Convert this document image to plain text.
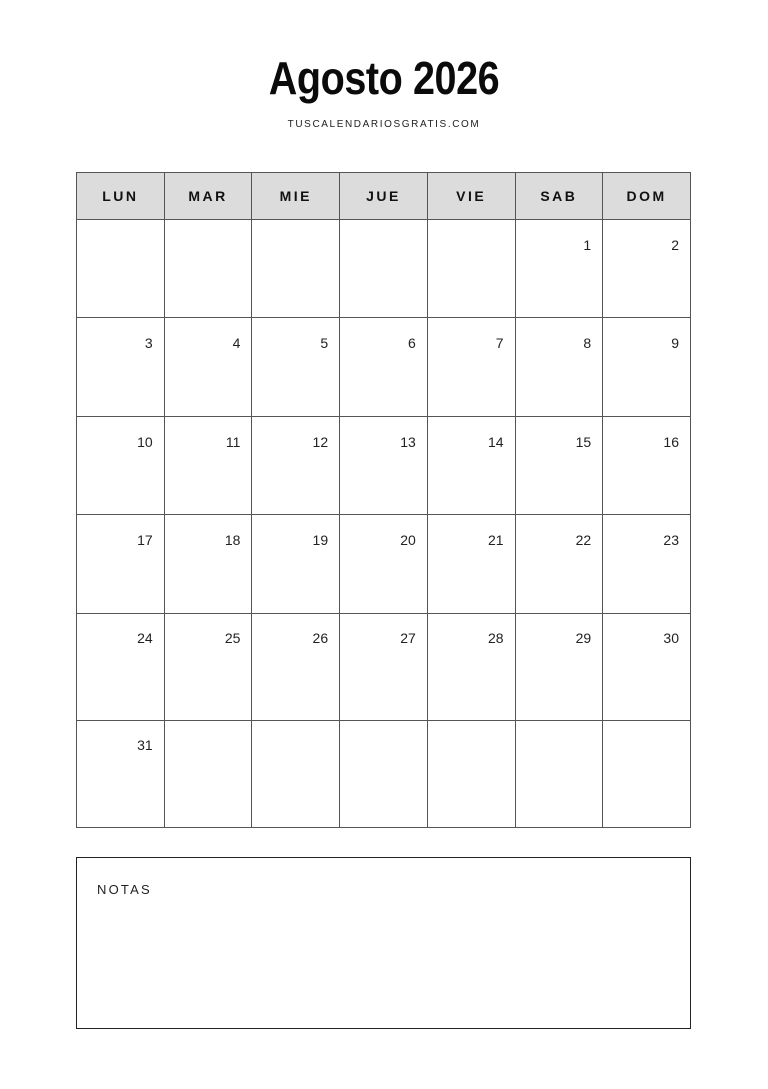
Agosto 2026
TUSCALENDARIOSGRATIS.COM
LUN	MAR	MIE	JUE	VIE	SAB	DOM

					1	2

3	4	5	6	7	8	9

10	11	12	13	14	15	16

17	18	19	20	21	22	23

24	25	26	27	28	29	30

31						

NOTAS
